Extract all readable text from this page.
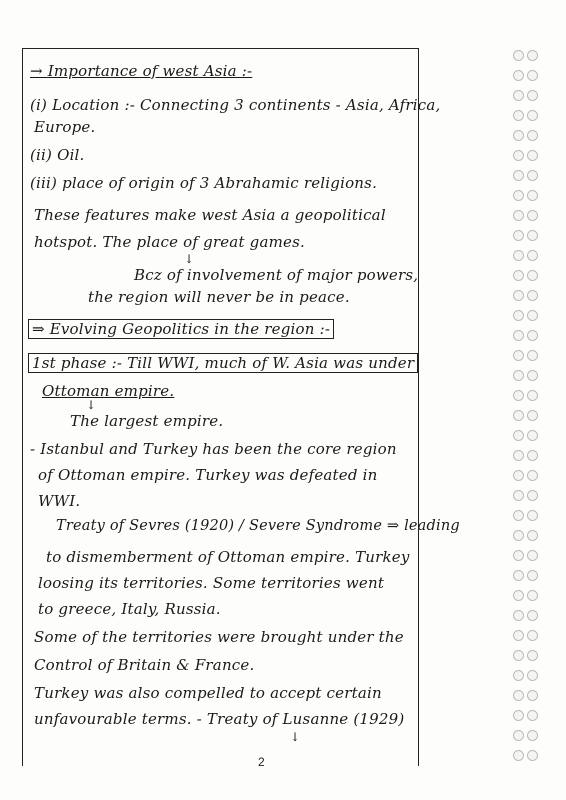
→ Importance of west Asia :-
(i) Location :- Connecting 3 continents - Asia, Africa,
Europe.
(ii) Oil.
(iii) place of origin of 3 Abrahamic religions.
These features make west Asia a geopolitical
hotspot. The place of great games.
↓
Bcz of involvement of major powers,
the region will never be in peace.
⇒ Evolving Geopolitics in the region :-
1st phase :- Till WWI, much of W. Asia was under
Ottoman empire.
↓
The largest empire.
- Istanbul and Turkey has been the core region
of Ottoman empire. Turkey was defeated in
WWI.
Treaty of Sevres (1920) / Severe Syndrome ⇒ leading
to dismemberment of Ottoman empire. Turkey
loosing its territories. Some territories went
to greece, Italy, Russia.
Some of the territories were brought under the
Control of Britain & France.
Turkey was also compelled to accept certain
unfavourable terms. - Treaty of Lusanne (1929)
↓
2
